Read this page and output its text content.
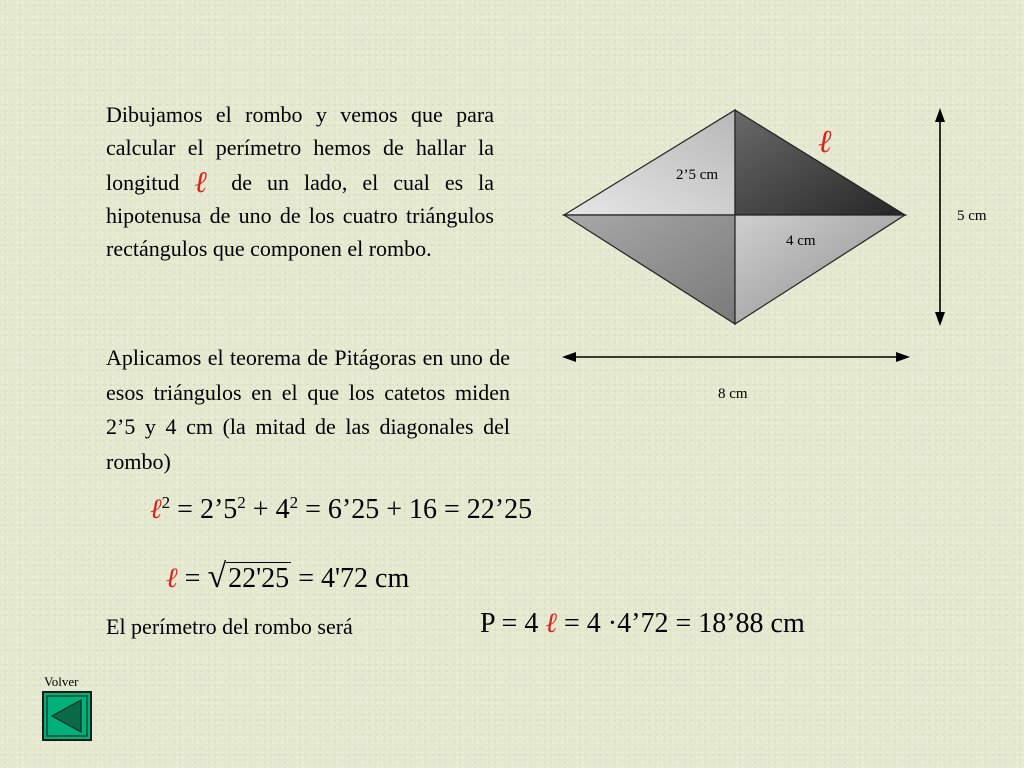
Dibujamos el rombo y vemos que para calcular el perímetro hemos de hallar la longitud ℓ de un lado, el cual es la hipotenusa de uno de los cuatro triángulos rectángulos que componen el rombo.

Aplicamos el teorema de Pitágoras en uno de esos triángulos en el que los catetos miden 2’5 y 4 cm (la mitad de las diagonales del rombo)

2’5 cm
4 cm
5 cm
8 cm
ℓ

ℓ$^2$ = $2’5^2 + 4^2$ = 6’25 + 16 = 22’25

ℓ = √22'25 = 4'72 cm

El perímetro del rombo será	P = 4 ℓ = 4 ·4’72 = 18’88 cm

Volver
